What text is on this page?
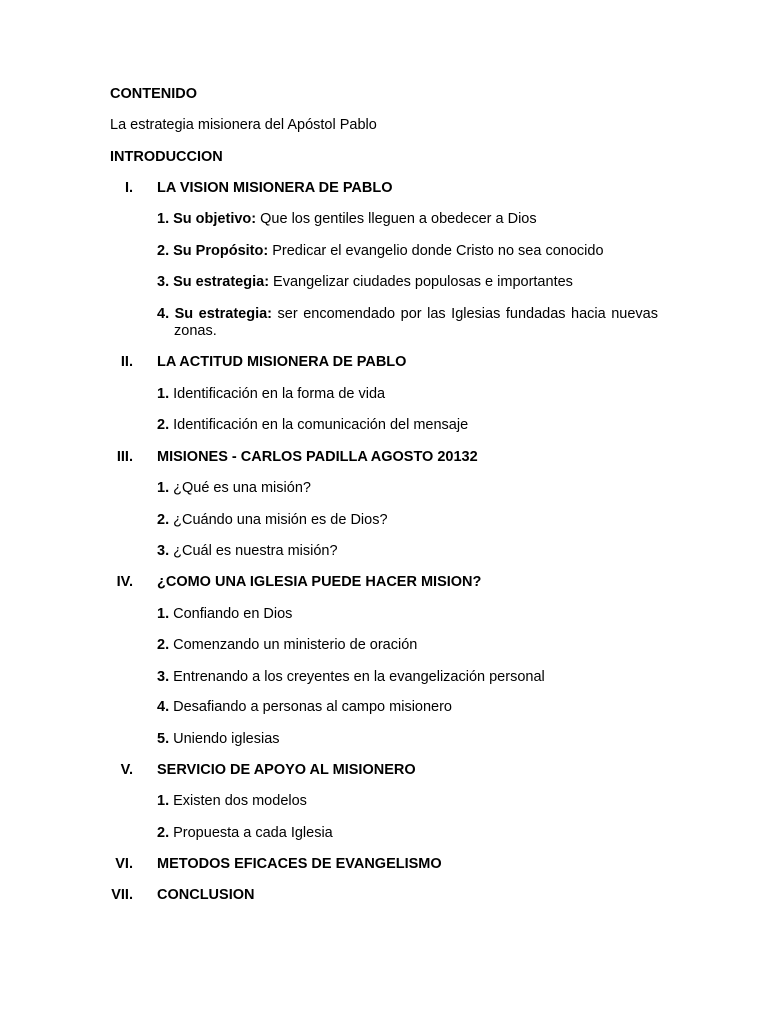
CONTENIDO
La estrategia misionera del Apóstol Pablo
INTRODUCCION
I. LA VISION MISIONERA DE PABLO
1. Su objetivo: Que los gentiles lleguen a obedecer a Dios
2. Su Propósito: Predicar el evangelio donde Cristo no sea conocido
3. Su estrategia: Evangelizar ciudades populosas e importantes
4. Su estrategia: ser encomendado por las Iglesias fundadas hacia nuevas zonas.
II. LA ACTITUD MISIONERA DE PABLO
1. Identificación en la forma de vida
2. Identificación en la comunicación del mensaje
III. MISIONES - CARLOS PADILLA AGOSTO 20132
1. ¿Qué es una misión?
2. ¿Cuándo una misión es de Dios?
3. ¿Cuál es nuestra misión?
IV. ¿COMO UNA IGLESIA PUEDE HACER MISION?
1. Confiando en Dios
2. Comenzando un ministerio de oración
3. Entrenando a los creyentes en la evangelización personal
4. Desafiando a personas al campo misionero
5. Uniendo iglesias
V. SERVICIO DE APOYO AL MISIONERO
1. Existen dos modelos
2. Propuesta a cada Iglesia
VI. METODOS EFICACES DE EVANGELISMO
VII. CONCLUSION
